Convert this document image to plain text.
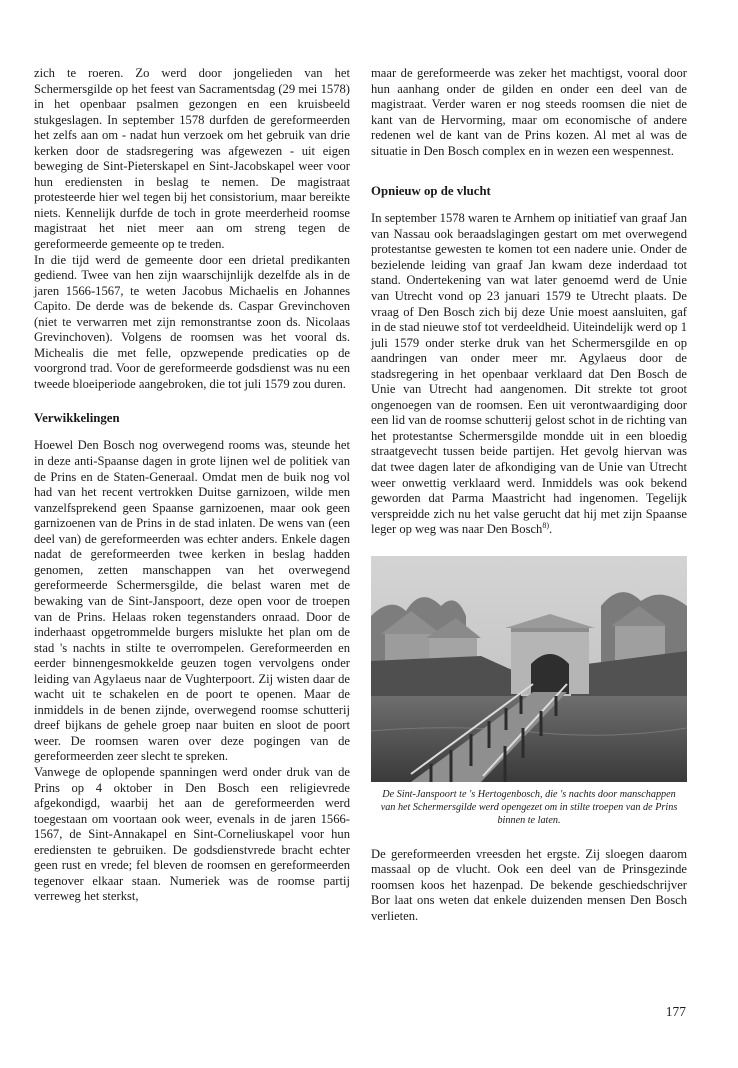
zich te roeren. Zo werd door jongelieden van het Schermersgilde op het feest van Sacramentsdag (29 mei 1578) in het openbaar psalmen gezongen en een kruisbeeld stukgeslagen. In september 1578 durfden de gereformeerden het zelfs aan om - nadat hun verzoek om het gebruik van drie kerken door de stadsregering was afgewezen - uit eigen beweging de Sint-Pieterskapel en Sint-Jacobskapel weer voor hun erediensten in beslag te nemen. De magistraat protesteerde hier wel tegen bij het consistorium, maar bereikte niets. Kennelijk durfde de toch in grote meerderheid roomse magistraat het niet meer aan om streng tegen de gereformeerde gemeente op te treden.

In die tijd werd de gemeente door een drietal predikanten gediend. Twee van hen zijn waarschijnlijk dezelfde als in de jaren 1566-1567, te weten Jacobus Michaelis en Johannes Capito. De derde was de bekende ds. Caspar Grevinchoven (niet te verwarren met zijn remonstrantse zoon ds. Nicolaas Grevinchoven). Volgens de roomsen was het vooral ds. Michealis die met felle, opzwepende predicaties op de voorgrond trad. Voor de gereformeerde godsdienst was nu een tweede bloeiperiode aangebroken, die tot juli 1579 zou duren.

Verwikkelingen

Hoewel Den Bosch nog overwegend rooms was, steunde het in deze anti-Spaanse dagen in grote lijnen wel de politiek van de Prins en de Staten-Generaal. Omdat men de buik nog vol had van het recent vertrokken Duitse garnizoen, wilde men vanzelfsprekend geen Spaanse garnizoenen, maar ook geen garnizoenen van de Prins in de stad inlaten. De wens van (een deel van) de gereformeerden was echter anders. Enkele dagen nadat de gereformeerden twee kerken in beslag hadden genomen, zetten manschappen van het overwegend gereformeerde Schermersgilde, die belast waren met de bewaking van de Sint-Janspoort, deze open voor de troepen van de Prins. Helaas roken tegenstanders onraad. Door de inderhaast opgetrommelde burgers mislukte het plan om de stad 's nachts in stilte te overrompelen. Gereformeerden en eerder binnengesmokkelde geuzen togen vervolgens onder leiding van Agylaeus naar de Vughterpoort. Zij wisten daar de wacht uit te schakelen en de poort te openen. Maar de inmiddels in de benen zijnde, overwegend roomse schutterij dreef bijkans de gehele groep naar buiten en sloot de poort weer. De roomsen waren over deze pogingen van de gereformeerden zeer slecht te spreken.

Vanwege de oplopende spanningen werd onder druk van de Prins op 4 oktober in Den Bosch een religievrede afgekondigd, waarbij het aan de gereformeerden werd toegestaan om voortaan ook weer, evenals in de jaren 1566-1567, de Sint-Annakapel en Sint-Corneliuskapel voor hun erediensten te gebruiken. De godsdienstvrede bracht echter geen rust en vrede; fel bleven de roomsen en gereformeerden tegenover elkaar staan. Numeriek was de roomse partij verreweg het sterkst,

maar de gereformeerde was zeker het machtigst, vooral door hun aanhang onder de gilden en onder een deel van de magistraat. Verder waren er nog steeds roomsen die niet de kant van de Hervorming, maar om economische of andere redenen wel de kant van de Prins kozen. Al met al was de situatie in Den Bosch complex en in wezen een wespennest.

Opnieuw op de vlucht

In september 1578 waren te Arnhem op initiatief van graaf Jan van Nassau ook beraadslagingen gestart om met overwegend protestantse gewesten te komen tot een nadere unie. Onder de bezielende leiding van graaf Jan kwam deze inderdaad tot stand. Ondertekening van wat later genoemd werd de Unie van Utrecht vond op 23 januari 1579 te Utrecht plaats. De vraag of Den Bosch zich bij deze Unie moest aansluiten, gaf in de stad nieuwe stof tot verdeeldheid. Uiteindelijk werd op 1 juli 1579 onder sterke druk van het Schermersgilde en op aandringen van onder meer mr. Agylaeus door de stadsregering in het openbaar verklaard dat Den Bosch de Unie van Utrecht had aangenomen. Dit strekte tot groot ongenoegen van de roomsen. Een uit verontwaardiging door een lid van de roomse schutterij gelost schot in de richting van het protestantse Schermersgilde mondde uit in een bloedig straatgevecht tussen beide partijen. Het gevolg hiervan was dat twee dagen later de afkondiging van de Unie van Utrecht weer onwettig verklaard werd. Inmiddels was ook bekend geworden dat Parma Maastricht had ingenomen. Tegelijk verspreidde zich nu het valse gerucht dat hij met zijn Spaanse leger op weg was naar Den Bosch$^{8)}$.

De Sint-Janspoort te 's Hertogenbosch, die 's nachts door manschappen van het Schermersgilde werd opengezet om in stilte troepen van de Prins binnen te laten.

De gereformeerden vreesden het ergste. Zij sloegen daarom massaal op de vlucht. Ook een deel van de Prinsgezinde roomsen koos het hazenpad. De bekende geschiedschrijver Bor laat ons weten dat enkele duizenden mensen Den Bosch verlieten.

177
